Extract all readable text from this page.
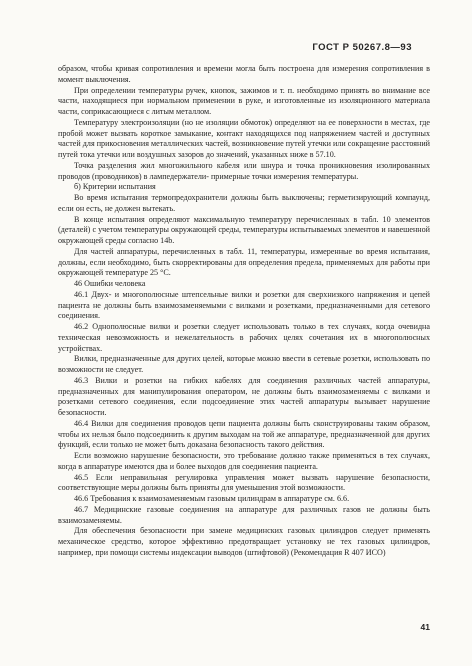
ГОСТ Р 50267.8—93

образом, чтобы кривая сопротивления и времени могла быть построена для измерения сопротивления в момент выключения.

При определении температуры ручек, кнопок, зажимов и т. п. необходимо принять во внимание все части, находящиеся при нормальном применении в руке, и изготовленные из изоляционного материала части, соприкасающиеся с литым металлом.

Температуру электроизоляции (но не изоляции обмоток) определяют на ее поверхности в местах, где пробой может вызвать короткое замыкание, контакт находящихся под напряжением частей и доступных частей для прикосновения металлических частей, возникновение путей утечки или сокращение расстояний путей тока утечки или воздушных зазоров до значений, указанных ниже в 57.10.

Точка разделения жил многожильного кабеля или шнура и точка проникновения изолированных проводов (проводников) в лампедержатели- примерные точки измерения температуры.

б) Критерии испытания

Во время испытания термопредохранители должны быть выключены; герметизирующий компаунд, если он есть, не должен вытекать.

В конце испытания определяют максимальную температуру перечисленных в табл. 10 элементов (деталей) с учетом температуры окружающей среды, температуры испытываемых элементов и навешенной окружающей среды согласно 14b.

Для частей аппаратуры, перечисленных в табл. 11, температуры, измеренные во время испытания, должны, если необходимо, быть скорректированы для определения предела, применяемых для работы при окружающей температуре 25 °С.

46 Ошибки человека

46.1 Двух- и многополюсные штепсельные вилки и розетки для сверхнизкого напряжения и цепей пациента не должны быть взаимозаменяемыми с вилками и розетками, предназначенными для сетевого соединения.

46.2 Однополюсные вилки и розетки следует использовать только в тех случаях, когда очевидна техническая невозможность и нежелательность в рабочих целях сочетания их в многополюсных устройствах.

Вилки, предназначенные для других целей, которые можно ввести в сетевые розетки, использовать по возможности не следует.

46.3 Вилки и розетки на гибких кабелях для соединения различных частей аппаратуры, предназначенных для манипулирования оператором, не должны быть взаимозаменяемы с вилками и розетками сетевого соединения, если подсоединение этих частей аппаратуры вызывает нарушение безопасности.

46.4 Вилки для соединения проводов цепи пациента должны быть сконструированы таким образом, чтобы их нельзя было подсоединить к другим выходам на той же аппаратуре, предназначенной для других функций, если только не может быть доказана безопасность такого действия.

Если возможно нарушение безопасности, это требование должно также применяться в тех случаях, когда в аппаратуре имеются два и более выходов для соединения пациента.

46.5 Если неправильная регулировка управления может вызвать нарушение безопасности, соответствующие меры должны быть приняты для уменьшения этой возможности.

46.6 Требования к взаимозаменяемым газовым цилиндрам в аппаратуре см. 6.6.

46.7 Медицинские газовые соединения на аппаратуре для различных газов не должны быть взаимозаменяемы.

Для обеспечения безопасности при замене медицинских газовых цилиндров следует применять механическое средство, которое эффективно предотвращает установку не тех газовых цилиндров, например, при помощи системы индексации выводов (штифтовой) (Рекомендация R 407 ИСО)

41
